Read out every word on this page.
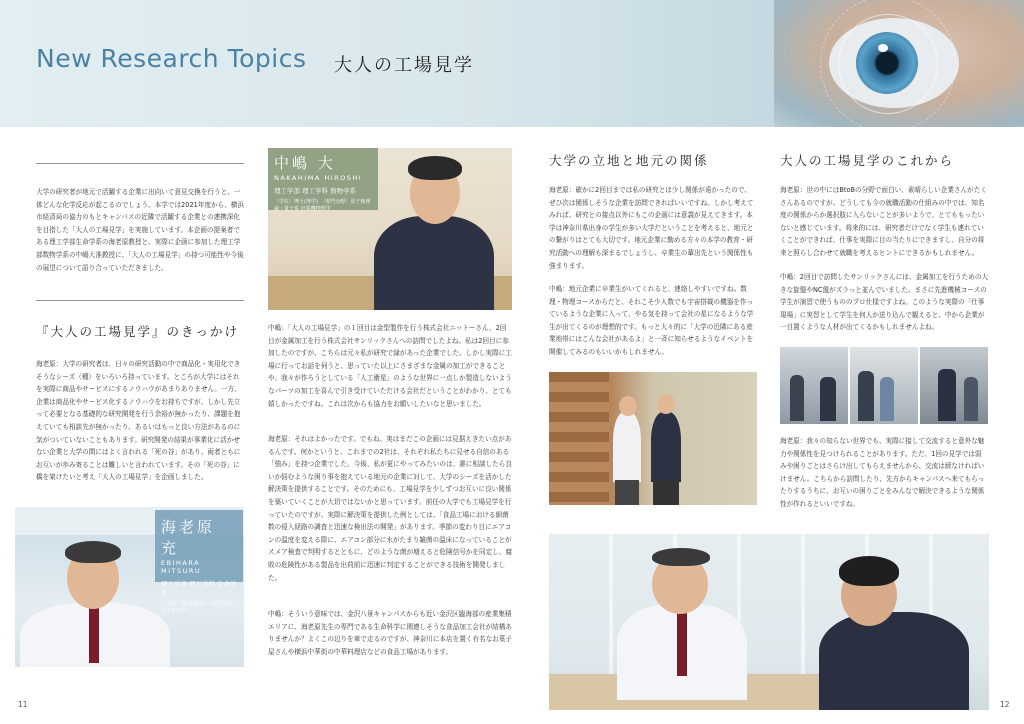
New Research Topics 大人の工場見学
大学の研究者が地元で活躍する企業に出向いて意見交換を行うと、一体どんな化学反応が起こるのでしょう。本学では2021年度から、横浜市経済局の協力のもとキャンパスの近隣で活躍する企業との連携深化を目指した「大人の工場見学」を実施しています。本企画の提案者である理工学部生命学系の海老原教授と、実際に企画に参加した理工学部数物学系の中嶋大准教授に、「大人の工場見学」の持つ可能性や今後の展望について語り合っていただきました。
『大人の工場見学』のきっかけ
海老原：大学の研究者は、日々の研究活動の中で商品化・実用化できそうなシーズ（種）をいろいろ持っています。ところが大学にはそれを実際に商品やサービスにするノウハウがあまりありません。一方、企業は商品化やサービス化するノウハウをお持ちですが、しかし先立って必要となる基礎的な研究開発を行う余裕が無かったり、課題を抱えていても相談先が無かったり、あるいはもっと良い方法があるのに気がついていないこともあります。研究開発の結果が事業化に活かせない企業と大学の間にはよく言われる「死の谷」があり、両者ともにお互いが歩み寄ることは難しいと言われています。その「死の谷」に橋を架けたいと考え「大人の工場見学」を企画しました。
海老原 充
EBIHARA MITSURU
理工学部 理工学科 生命学系
〔学位〕博士(農学)　〔専門分野〕分子生物学
中嶋 大
NAKAHIMA HIROSHI
理工学部 理工学科 数物学系
〔学位〕博士(理学)　〔専門分野〕原子核理論・量子系 計算機物理学
中嶋：「大人の工場見学」の１回目は金型製作を行う株式会社ニットーさん、2回目が金属加工を行う株式会社サンリックさんへの訪問でしたよね。私は2回目に参加したのですが、こちらは元々私が研究で縁があった企業でした。しかし実際に工場に行ってお話を伺うと、思っていた以上にさまざまな金属の加工ができることや、我々が作ろうとしている「人工衛星」のような世界に一点しか製造しないようなパーツの加工を喜んで引き受けていただける会社だということがわかり、とても嬉しかったですね。これは次からも協力をお願いしたいなと思いました。
海老原：それはよかったです。でもね、実はまだこの企画には見据えきたい点があるんです。何かというと、これまでの2社は、それぞれ私たちに見せる自信のある「強み」を持つ企業でした。今後、私が更にやってみたいのは、誰に相談したら良いか悩むような困り事を抱えている地元の企業に対して、大学のシーズを活かした解決策を提供することです。そのためにも、工場見学を少しずつお互いに良い関係を築いていくことが大切ではないかと思っています。前任の大学でも工場見学を行っていたのですが、実際に解決策を提供した例としては、「食品工場における細菌数の侵入経路の調査と迅速な検出法の開発」があります。季節の変わり目にエアコンの温度を変える際に、エアコン部分に水がたまり雑菌の温床になっていることがスメア検査で判明するとともに、どのような菌が増えると危険信号かを同定し、腐敗の危険性がある製品を出荷前に迅速に判定することができる技術を開発しました。
中嶋：そういう意味では、金沢八景キャンパスからも近い金沢区臨海部の産業集積エリアに、海老原先生の専門である生命科学に関連しそうな食品加工会社が結構ありませんか？よくこの辺りを車で走るのですが、神奈川に本店を置く有名なお菓子屋さんや横浜中華街の中華料理店などの食品工場があります。
大学の立地と地元の関係
海老原：確かに2回目までは私の研究とは少し関係が遠かったので、ぜひ次は関係しそうな企業を訪問できればいいですね。しかし考えてみれば、研究との接点以外にもこの企画には意義が見えてきます。本学は神奈川県出身の学生が多い大学だということを考えると、地元との繋がりはとても大切です。地元企業に勤める方々の本学の教育・研究活動への理解も深まるでしょうし、卒業生の輩出先という関係性も強まります。
中嶋：地元企業に卒業生がいてくれると、連絡しやすいですね。数理・物理コースからだと、それこそ少人数でも宇宙搭載の機器を作っているような企業に入って、やる気を持って会社の星になるような学生が出てくるのが理想的です。もっと大々的に「大学の近隣にある産業地帯にはこんな会社があるよ」と一斉に知らせるようなイベントを開催してみるのもいいかもしれません。
大人の工場見学のこれから
海老原：世の中にはBtoBの分野で面白い、素晴らしい企業さんがたくさんあるのですが、どうしても今の就職活動の仕組みの中では、知名度の関係からか選択肢に入らないことが多いようで、とてももったいないと感じています。将来的には、研究者だけでなく学生も連れていくことができれば、仕事を実際に目の当たりにできますし、自分の将来と照らし合わせて就職を考えるヒントにできるかもしれません。
中嶋：2回目で訪問したサンリックさんには、金属加工を行うための大きな旋盤やNC盤がズラっと並んでいました。まさに先進機械コースの学生が演習で使うもののプロ仕様ですよね。このような実際の「仕事現場」に実習として学生を何人か送り込んで観えると、中から企業が一目置くような人材が出てくるかもしれませんよね。
海老原：我々の知らない世界でも、実際に接して交流すると意外な魅力や関係性を見つけられることがあります。ただ、1回の見学では弱みや困りごとはさらけ出してもらえませんから、交流は続なければいけません。こちらから訪問したり、先方からキャンパスへ来てもらったりするうちに、お互いの困りごとをみんなで解決できるような関係性が作れるといいですね。
11	12
